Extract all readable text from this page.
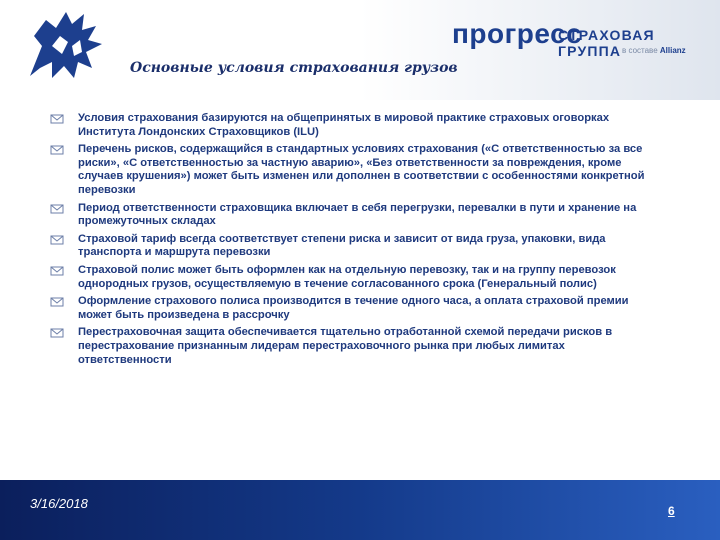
прогресс
СТРАХОВАЯ ГРУППА в составе Allianz
Основные условия страхования грузов
Условия страхования базируются на общепринятых в мировой практике страховых оговорках Института Лондонских Страховщиков (ILU)
Перечень рисков, содержащийся в стандартных условиях страхования («С ответственностью за все риски», «С ответственностью за частную аварию», «Без ответственности за повреждения, кроме случаев крушения») может быть изменен или дополнен в соответствии с особенностями конкретной перевозки
Период ответственности страховщика включает в себя перегрузки, перевалки в пути и хранение на промежуточных складах
Страховой тариф всегда соответствует степени риска и зависит от вида груза, упаковки, вида транспорта и маршрута перевозки
Страховой полис может быть оформлен как на отдельную перевозку, так и на группу перевозок однородных грузов, осуществляемую в течение согласованного срока (Генеральный полис)
Оформление страхового полиса производится в течение одного часа, а оплата страховой премии может быть произведена в рассрочку
Перестраховочная защита обеспечивается тщательно отработанной схемой передачи рисков в перестрахование признанным лидерам перестраховочного рынка при любых лимитах ответственности
3/16/2018	6
